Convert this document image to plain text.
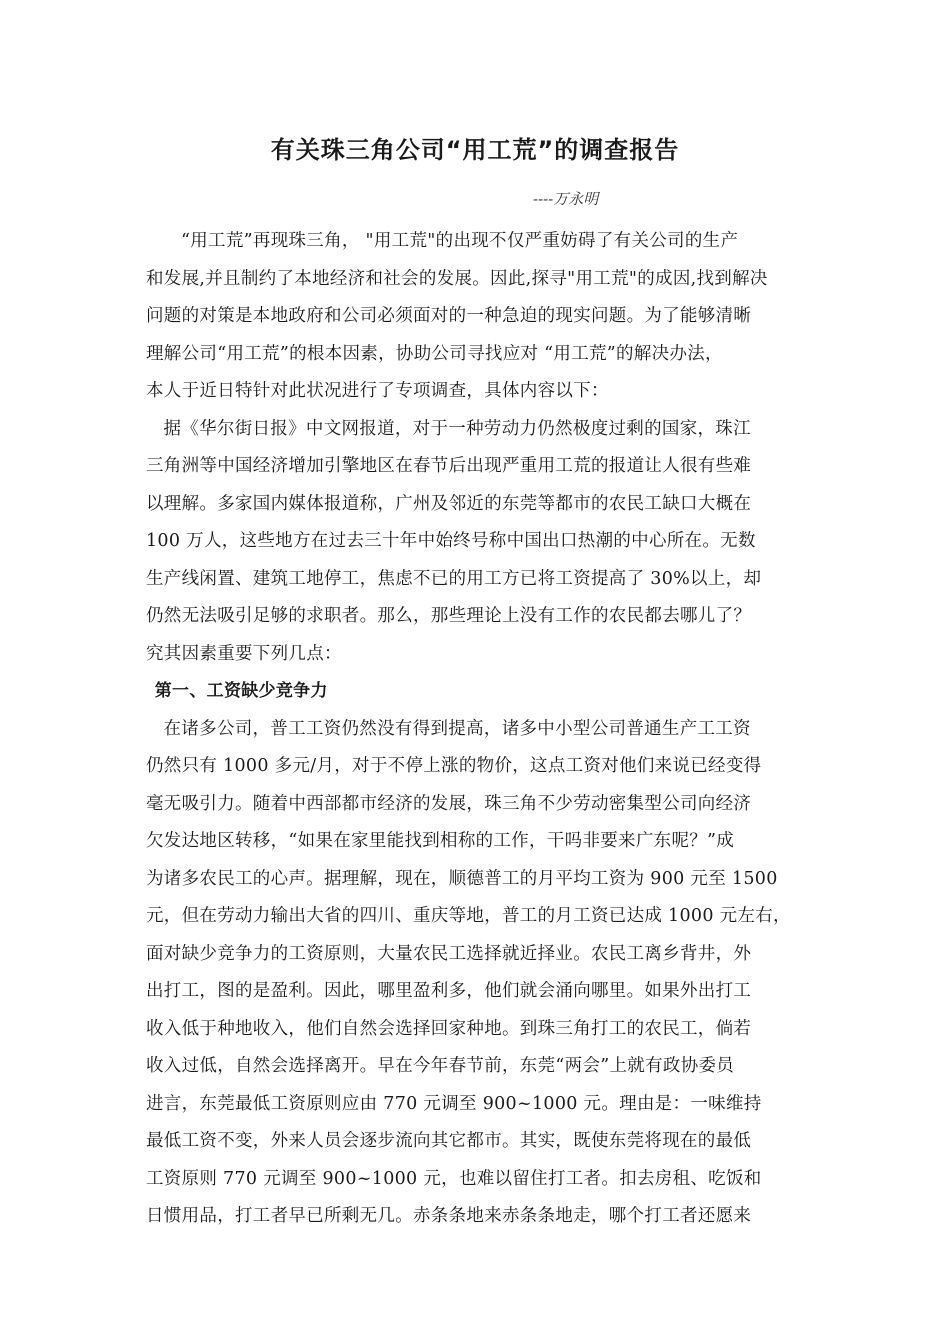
有关珠三角公司“用工荒”的调查报告
----万永明
“用工荒”再现珠三角， "用工荒"的出现不仅严重妨碍了有关公司的生产
和发展,并且制约了本地经济和社会的发展。因此,探寻"用工荒"的成因,找到解决
问题的对策是本地政府和公司必须面对的一种急迫的现实问题。为了能够清晰
理解公司“用工荒”的根本因素，协助公司寻找应对 “用工荒”的解决办法，
本人于近日特针对此状况进行了专项调查，具体内容以下：
据《华尔街日报》中文网报道，对于一种劳动力仍然极度过剩的国家，珠江
三角洲等中国经济增加引擎地区在春节后出现严重用工荒的报道让人很有些难
以理解。多家国内媒体报道称，广州及邻近的东莞等都市的农民工缺口大概在
100 万人，这些地方在过去三十年中始终号称中国出口热潮的中心所在。无数
生产线闲置、建筑工地停工，焦虑不已的用工方已将工资提高了 30%以上，却
仍然无法吸引足够的求职者。那么，那些理论上没有工作的农民都去哪儿了？
究其因素重要下列几点：
第一、工资缺少竞争力
在诸多公司，普工工资仍然没有得到提高，诸多中小型公司普通生产工工资
仍然只有 1000 多元/月，对于不停上涨的物价，这点工资对他们来说已经变得
毫无吸引力。随着中西部都市经济的发展，珠三角不少劳动密集型公司向经济
欠发达地区转移，“如果在家里能找到相称的工作，干吗非要来广东呢？”成
为诸多农民工的心声。据理解，现在，顺德普工的月平均工资为 900 元至 1500
元，但在劳动力输出大省的四川、重庆等地，普工的月工资已达成 1000 元左右，
面对缺少竞争力的工资原则，大量农民工选择就近择业。农民工离乡背井，外
出打工，图的是盈利。因此，哪里盈利多，他们就会涌向哪里。如果外出打工
收入低于种地收入，他们自然会选择回家种地。到珠三角打工的农民工，倘若
收入过低，自然会选择离开。早在今年春节前，东莞“两会”上就有政协委员
进言，东莞最低工资原则应由 770 元调至 900~1000 元。理由是：一味维持
最低工资不变，外来人员会逐步流向其它都市。其实，既使东莞将现在的最低
工资原则 770 元调至 900~1000 元，也难以留住打工者。扣去房租、吃饭和
日惯用品，打工者早已所剩无几。赤条条地来赤条条地走，哪个打工者还愿来
